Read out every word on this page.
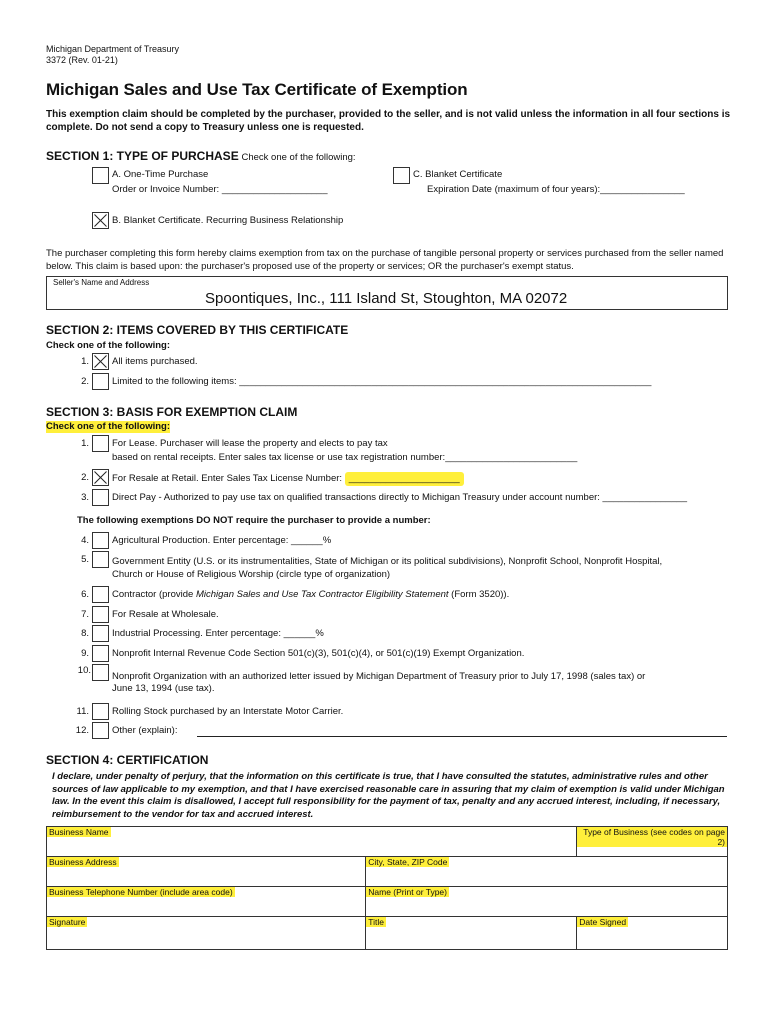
Michigan Department of Treasury
3372 (Rev. 01-21)
Michigan Sales and Use Tax Certificate of Exemption
This exemption claim should be completed by the purchaser, provided to the seller, and is not valid unless the information in all four sections is complete. Do not send a copy to Treasury unless one is requested.
SECTION 1: TYPE OF PURCHASE Check one of the following:
A. One-Time Purchase
Order or Invoice Number: ____________________
C. Blanket Certificate
Expiration Date (maximum of four years):________________
B. Blanket Certificate. Recurring Business Relationship
The purchaser completing this form hereby claims exemption from tax on the purchase of tangible personal property or services purchased from the seller named below. This claim is based upon: the purchaser's proposed use of the property or services; OR the purchaser's exempt status.
Seller's Name and Address
Spoontiques, Inc., 111 Island St, Stoughton, MA 02072
SECTION 2: ITEMS COVERED BY THIS CERTIFICATE
Check one of the following:
1. All items purchased.
2. Limited to the following items: ______________________________________________________________________________
SECTION 3: BASIS FOR EXEMPTION CLAIM
Check one of the following:
1. For Lease. Purchaser will lease the property and elects to pay tax
based on rental receipts. Enter sales tax license or use tax registration number:_________________________
2. For Resale at Retail. Enter Sales Tax License Number: _____________________
3. Direct Pay - Authorized to pay use tax on qualified transactions directly to Michigan Treasury under account number: ________________
The following exemptions DO NOT require the purchaser to provide a number:
4. Agricultural Production. Enter percentage: ______%
5. Government Entity (U.S. or its instrumentalities, State of Michigan or its political subdivisions), Nonprofit School, Nonprofit Hospital,
Church or House of Religious Worship (circle type of organization)
6. Contractor (provide Michigan Sales and Use Tax Contractor Eligibility Statement (Form 3520)).
7. For Resale at Wholesale.
8. Industrial Processing. Enter percentage: ______%
9. Nonprofit Internal Revenue Code Section 501(c)(3), 501(c)(4), or 501(c)(19) Exempt Organization.
10.
Nonprofit Organization with an authorized letter issued by Michigan Department of Treasury prior to July 17, 1998 (sales tax) or
June 13, 1994 (use tax).
11. Rolling Stock purchased by an Interstate Motor Carrier.
12. Other (explain):
SECTION 4: CERTIFICATION
I declare, under penalty of perjury, that the information on this certificate is true, that I have consulted the statutes, administrative rules and other sources of law applicable to my exemption, and that I have exercised reasonable care in assuring that my claim of exemption is valid under Michigan law. In the event this claim is disallowed, I accept full responsibility for the payment of tax, penalty and any accrued interest, including, if necessary, reimbursement to the vendor for tax and accrued interest.
Business Name		Type of Business (see codes on page 2)
Business Address	City, State, ZIP Code	
Business Telephone Number (include area code)	Name (Print or Type)	
Signature	Title	Date Signed
